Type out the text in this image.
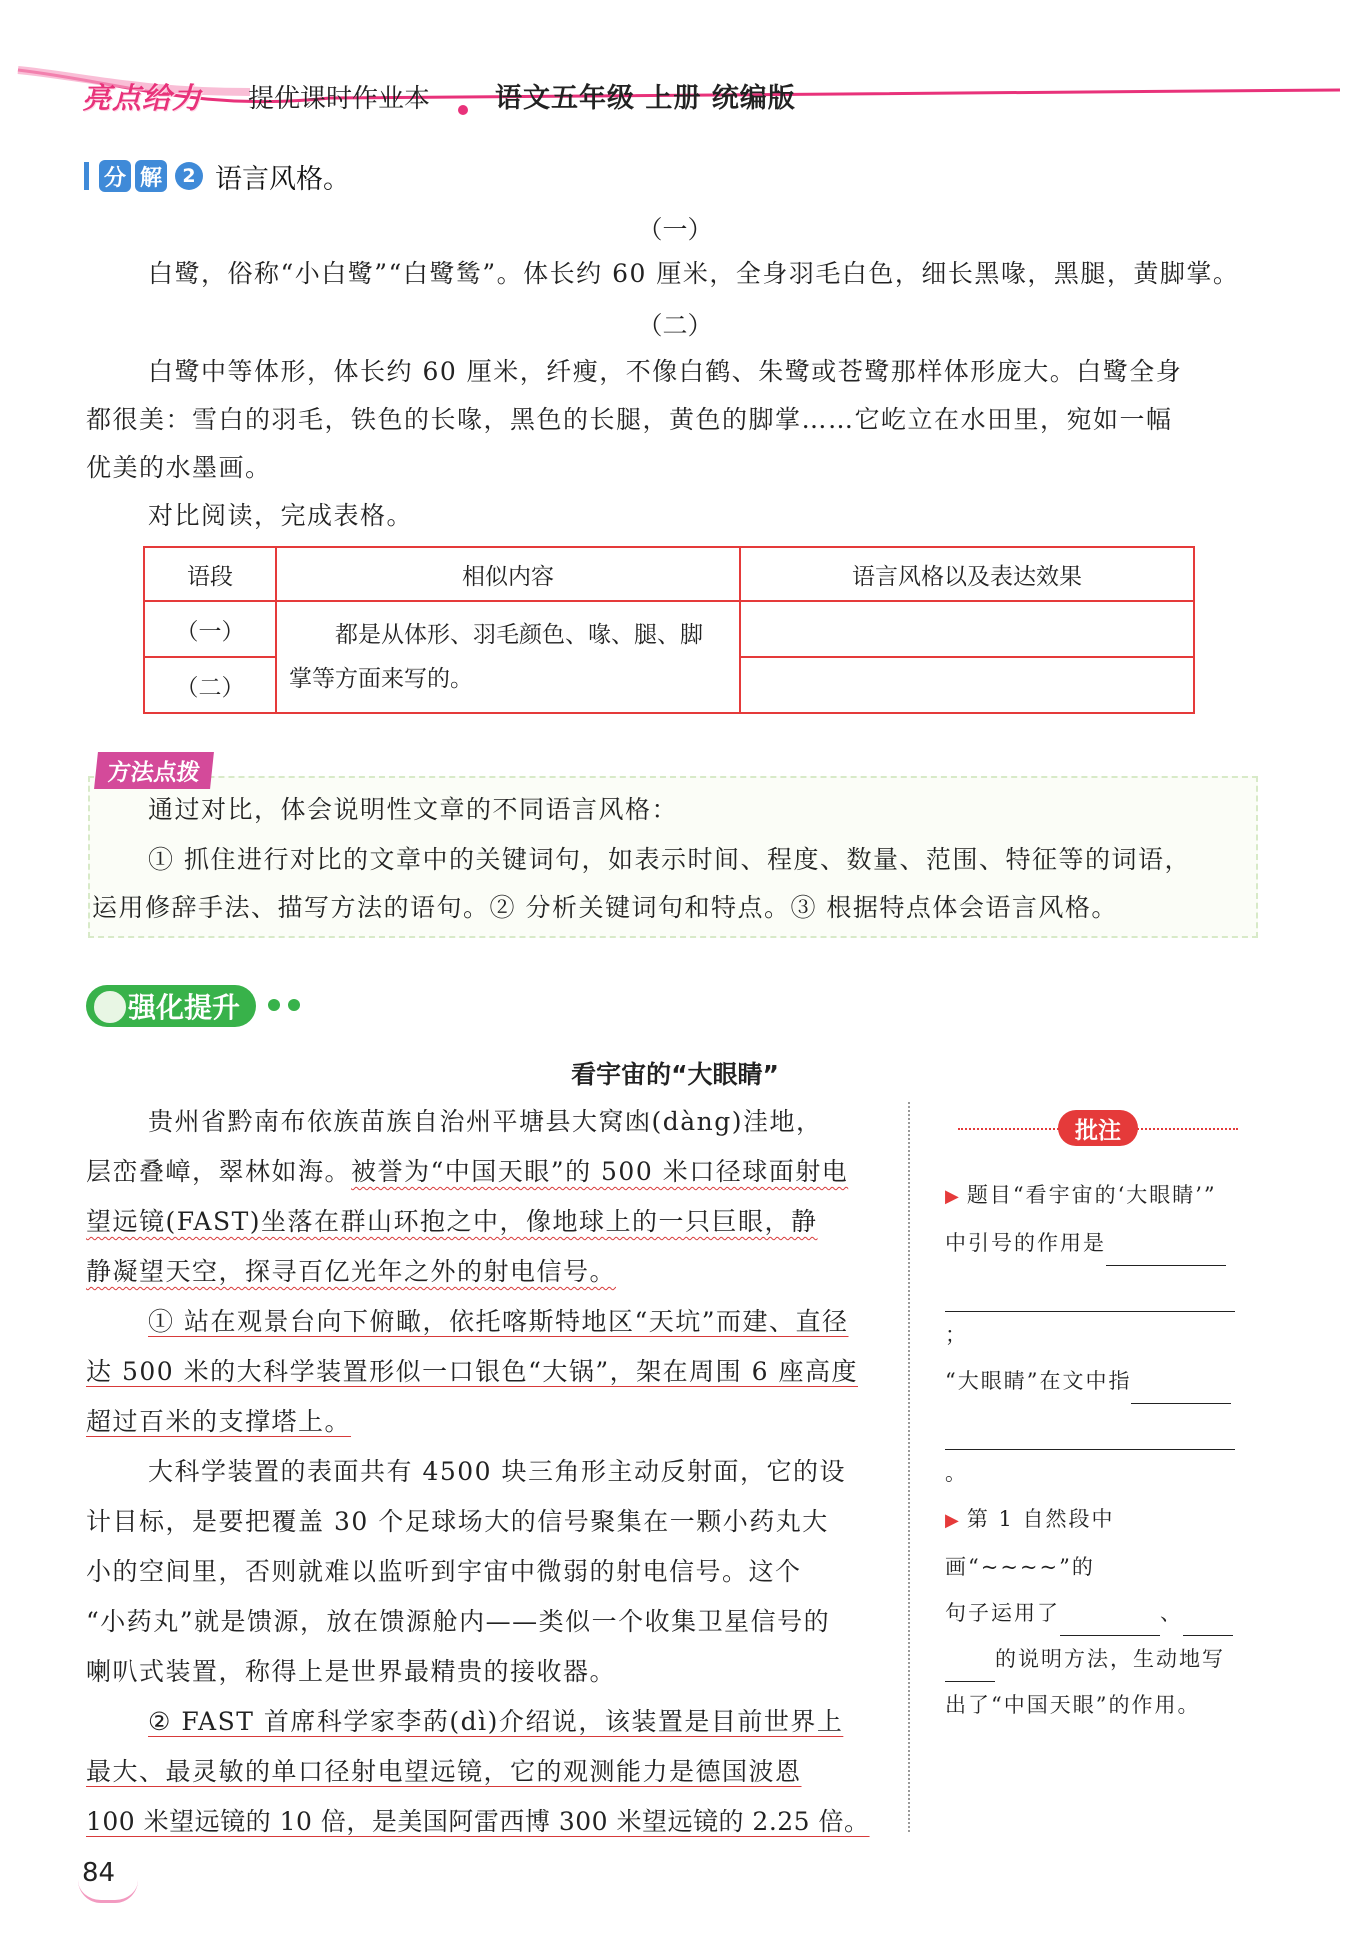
亮点给力 提优课时作业本 语文五年级 上册 统编版
分 解	2 语言风格。
（一）

白鹭，俗称“小白鹭”“白鹭鸶”。体长约 60 厘米，全身羽毛白色，细长黑喙，黑腿，黄脚掌。

（二）

白鹭中等体形，体长约 60 厘米，纤瘦，不像白鹤、朱鹭或苍鹭那样体形庞大。白鹭全身

都很美：雪白的羽毛，铁色的长喙，黑色的长腿，黄色的脚掌……它屹立在水田里，宛如一幅

优美的水墨画。

对比阅读，完成表格。

语段	相似内容	语言风格以及表达效果
（一）	都是从体形、羽毛颜色、喙、腿、脚
掌等方面来写的。	

（二）		
方法点拨

通过对比，体会说明性文章的不同语言风格：

① 抓住进行对比的文章中的关键词句，如表示时间、程度、数量、范围、特征等的词语，

运用修辞手法、描写方法的语句。② 分析关键词句和特点。③ 根据特点体会语言风格。

强化提升
看宇宙的“大眼睛”

贵州省黔南布依族苗族自治州平塘县大窝凼(dàng)洼地，

层峦叠嶂，翠林如海。被誉为“中国天眼”的 500 米口径球面射电

望远镜(FAST)坐落在群山环抱之中，像地球上的一只巨眼，静

静凝望天空，探寻百亿光年之外的射电信号。

① 站在观景台向下俯瞰，依托喀斯特地区“天坑”而建、直径

达 500 米的大科学装置形似一口银色“大锅”，架在周围 6 座高度

超过百米的支撑塔上。

大科学装置的表面共有 4500 块三角形主动反射面，它的设

计目标，是要把覆盖 30 个足球场大的信号聚集在一颗小药丸大

小的空间里，否则就难以监听到宇宙中微弱的射电信号。这个

“小药丸”就是馈源，放在馈源舱内——类似一个收集卫星信号的

喇叭式装置，称得上是世界最精贵的接收器。

② FAST 首席科学家李菂(dì)介绍说，该装置是目前世界上

最大、最灵敏的单口径射电望远镜，它的观测能力是德国波恩

100 米望远镜的 10 倍，是美国阿雷西博 300 米望远镜的 2.25 倍。

批注
▶ 题目“看宇宙的‘大眼睛’”
中引号的作用是
；
“大眼睛”在文中指
。
▶ 第 1 自然段中画“~~~~”的
句子运用了	、
的说明方法，生动地写
出了“中国天眼”的作用。
84
